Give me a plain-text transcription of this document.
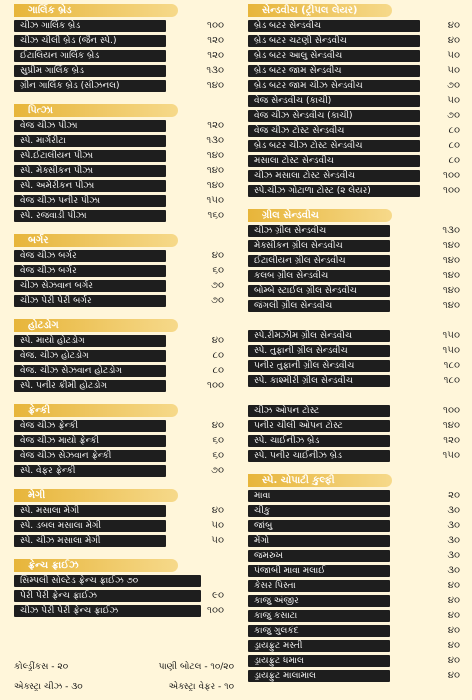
ગાર્લિક બ્રેડ
ચીઝ ગાર્લિક બ્રેડ	૧૦૦
ચીઝ ચીલી બ્રેડ (જૈન સ્પે.)	૧૨૦
ઈટાલિયન ગાર્લિક બ્રેડ	૧૨૦
સુપ્રીમ ગાર્લિક બ્રેડ	૧૩૦
ગ્રીન ગાર્લિક બ્રેડ (સીઝનલ)	૧૪૦
પિત્ઝા
વેજ ચીઝ પીઝા	૧૨૦
સ્પે. માર્ગરીટા	૧૩૦
સ્પે.ઈટાલીયન પીઝા	૧૪૦
સ્પે. મેક્સીકન પીઝા	૧૪૦
સ્પે. અમેરીકન પીઝા	૧૪૦
વેજ ચીઝ પનીર પીઝા	૧૫૦
સ્પે. રજવાડી પીઝા	૧૬૦
બર્ગર
વેજ ચીઝ બર્ગર	૪૦
વેજ ચીઝ બર્ગર	૬૦
ચીઝ સેઝવાન બર્ગર	૭૦
ચીઝ પેરી પેરી બર્ગર	૭૦
હોટડોગ
સ્પે. માયો હોટડોગ	૪૦
વેજ. ચીઝ હોટડોગ	૮૦
વેજ. ચીઝ સેઝવાન હોટડોગ	૮૦
સ્પે. પનીર ક્રીમી હોટડોગ	૧૦૦
ફ્રેન્કી
વેજ ચીઝ ફ્રેન્કી	૪૦
વેજ ચીઝ માયો ફ્રેન્કી	૬૦
વેજ ચીઝ સેઝવાન ફ્રેન્કી	૬૦
સ્પે. વેફર ફ્રેન્કી	૭૦
મેગી
સ્પે. મસાલા મેગી	૪૦
સ્પે. ડબલ મસાલા મેગી	૫૦
સ્પે. ચીઝ મસાલા મેગી	૫૦
ફ્રેન્ચ ફ્રાઈઝ
સિમ્પલી સોલ્ટેડ ફ્રેન્ચ ફ્રાઈઝ ૭૦
પેરી પેરી ફ્રેન્ચ ફ્રાઈઝ	૯૦
ચીઝ પેરી પેરી ફ્રેન્ચ ફ્રાઈઝ	૧૦૦
સેન્ડવીચ (ટ્રીપલ લેયર)
બ્રેડ બટર સેન્ડવીચ	૪૦
બ્રેડ બટર ચટણી સેન્ડવીચ	૪૦
બ્રેડ બટર આલુ સેન્ડવીચ	૫૦
બ્રેડ બટર જામ સેન્ડવીચ	૫૦
બ્રેડ બટર જામ ચીઝ સેન્ડવીચ	૭૦
વેજ સેન્ડવીચ (કાચી)	૫૦
વેજ ચીઝ સેન્ડવીચ (કાચી)	૭૦
વેજ ચીઝ ટોસ્ટ સેન્ડવીચ	૮૦
બ્રેડ બટર ચીઝ ટોસ્ટ સેન્ડવીચ	૮૦
મસાલા ટોસ્ટ સેન્ડવીચ	૮૦
ચીઝ મસાલા ટોસ્ટ સેન્ડવીચ	૧૦૦
સ્પે.ચીઝ ગોટાળા ટોસ્ટ (૨ લેયર)	૧૦૦
ગ્રીલ સેન્ડવીચ
ચીઝ ગ્રીલ સેન્ડવીચ	૧૩૦
મેક્સીકન ગ્રીલ સેન્ડવીચ	૧૪૦
ઈટાલીયન ગ્રીલ સેન્ડવીચ	૧૪૦
કલબ ગ્રીલ સેન્ડવીચ	૧૪૦
બોમ્બે સ્ટાઈલ ગ્રીલ સેન્ડવીચ	૧૪૦
જંગલી ગ્રીલ સેન્ડવીચ	૧૪૦
સ્પે.રીમઝીમ ગ્રીલ સેન્ડવીચ	૧૫૦
સ્પે. તુફાની ગ્રીલ સેન્ડવીચ	૧૫૦
પનીર તુફાની ગ્રીલ સેન્ડવીચ	૧૮૦
સ્પે. કાશ્મીરી ગ્રીલ સેન્ડવીચ	૧૮૦
ચીઝ ઓપન ટોસ્ટ	૧૦૦
પનીર ચીલી ઓપન ટોસ્ટ	૧૪૦
સ્પે. ચાઈનીઝ બ્રેડ	૧૨૦
સ્પે. પનીર ચાઈનીઝ બ્રેડ	૧૫૦
સ્પે. ચોપાટી કુલ્ફી
માવા	૨૦
ચીકુ	૩૦
જાંબુ	૩૦
મેંગો	૩૦
જમરુખ	૩૦
પંજાબી માવા મલાઈ	૩૦
કેસર પિસ્તા	૪૦
કાજુ અંજીર	૪૦
કાજુ કસાટા	૪૦
કાજુ ગુલકંદ	૪૦
ડ્રાયફ્રુટ મસ્તી	૪૦
ડ્રાયફ્રુટ ધમાલ	૪૦
ડ્રાયફ્રુટ માલામાલ	૪૦
કોલ્ડ્રીંકસ - ૨૦	પાણી બોટલ - ૧૦/૨૦
એક્સ્ટ્રા ચીઝ - ૩૦	એક્સ્ટ્રા વેફર - ૧૦
